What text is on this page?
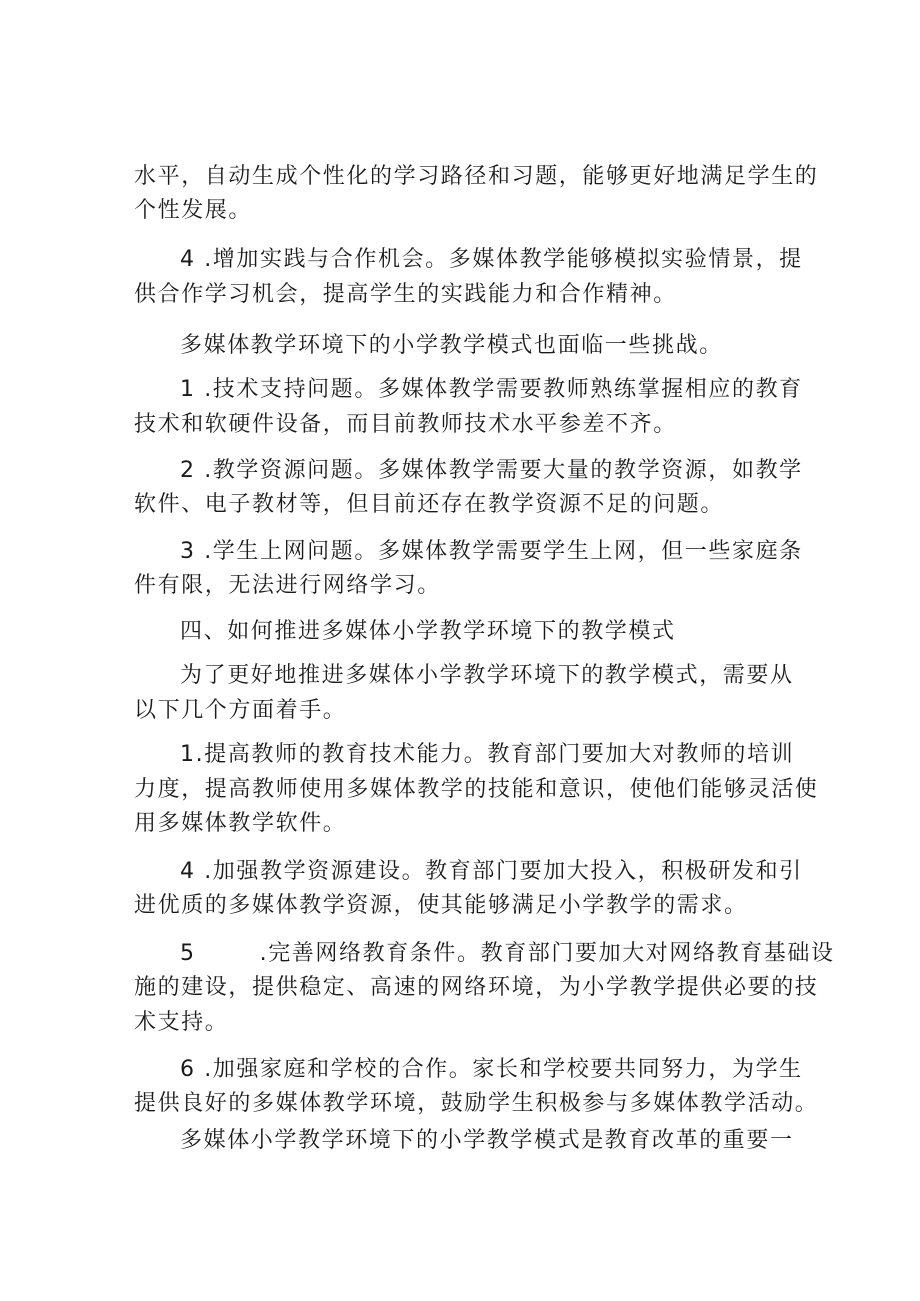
水平，自动生成个性化的学习路径和习题，能够更好地满足学生的
个性发展。
4 .增加实践与合作机会。多媒体教学能够模拟实验情景，提
供合作学习机会，提高学生的实践能力和合作精神。
多媒体教学环境下的小学教学模式也面临一些挑战。
1 .技术支持问题。多媒体教学需要教师熟练掌握相应的教育
技术和软硬件设备，而目前教师技术水平参差不齐。
2 .教学资源问题。多媒体教学需要大量的教学资源，如教学
软件、电子教材等，但目前还存在教学资源不足的问题。
3 .学生上网问题。多媒体教学需要学生上网，但一些家庭条
件有限，无法进行网络学习。
四、如何推进多媒体小学教学环境下的教学模式
为了更好地推进多媒体小学教学环境下的教学模式，需要从
以下几个方面着手。
1.提高教师的教育技术能力。教育部门要加大对教师的培训
力度，提高教师使用多媒体教学的技能和意识，使他们能够灵活使
用多媒体教学软件。
4 .加强教学资源建设。教育部门要加大投入，积极研发和引
进优质的多媒体教学资源，使其能够满足小学教学的需求。
5	.完善网络教育条件。教育部门要加大对网络教育基础设
施的建设，提供稳定、高速的网络环境，为小学教学提供必要的技
术支持。
6 .加强家庭和学校的合作。家长和学校要共同努力，为学生
提供良好的多媒体教学环境，鼓励学生积极参与多媒体教学活动。
多媒体小学教学环境下的小学教学模式是教育改革的重要一
